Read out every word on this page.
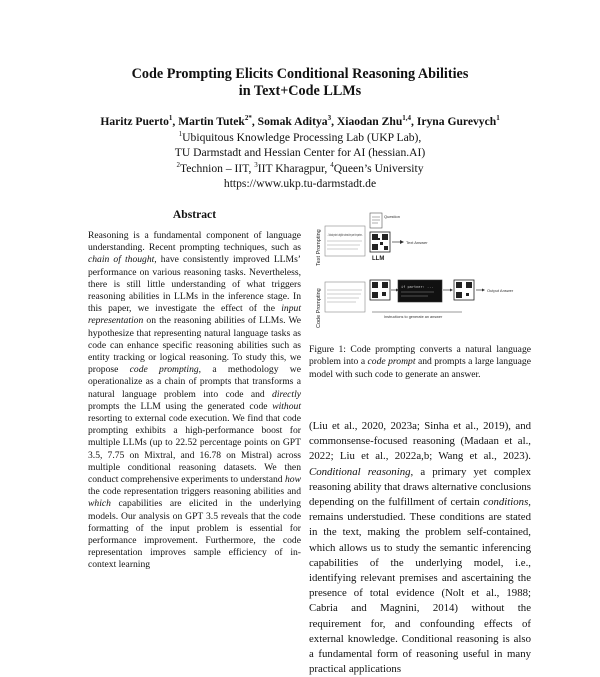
Code Prompting Elicits Conditional Reasoning Abilities
in Text+Code LLMs
Haritz Puerto$^1$, Martin Tutek$^{2*}$, Somak Aditya$^3$, Xiaodan Zhu$^{1,4}$, Iryna Gurevych$^1$
$^1$Ubiquitous Knowledge Processing Lab (UKP Lab),
TU Darmstadt and Hessian Center for AI (hessian.AI)
$^2$Technion – IIT, $^3$IIT Kharagpur, $^4$Queen’s University
https://www.ukp.tu-darmstadt.de
Abstract

Reasoning is a fundamental component of language understanding. Recent prompting techniques, such as chain of thought, have consistently improved LLMs’ performance on various reasoning tasks. Nevertheless, there is still little understanding of what triggers reasoning abilities in LLMs in the inference stage. In this paper, we investigate the effect of the input representation on the reasoning abilities of LLMs. We hypothesize that representing natural language tasks as code can enhance specific reasoning abilities such as entity tracking or logical reasoning. To study this, we propose code prompting, a methodology we operationalize as a chain of prompts that transforms a natural language problem into code and directly prompts the LLM using the generated code without resorting to external code execution. We find that code prompting exhibits a high-performance boost for multiple LLMs (up to 22.52 percentage points on GPT 3.5, 7.75 on Mixtral, and 16.78 on Mistral) across multiple conditional reasoning datasets. We then conduct comprehensive experiments to understand how the code representation triggers reasoning abilities and which capabilities are elicited in the underlying models. Our analysis on GPT 3.5 reveals that the code formatting of the input problem is essential for performance improvement. Furthermore, the code representation improves sample efficiency of in-context learning

Text Prompting
Code Prompting
... Nobody else is eligible unless they are the partner...
Question
LLM
Text Answer
if partner: ...
Output Answer
Instructions to generate an answer

Figure 1: Code prompting converts a natural language problem into a code prompt and prompts a large language model with such code to generate an answer.

(Liu et al., 2020, 2023a; Sinha et al., 2019), and commonsense-focused reasoning (Madaan et al., 2022; Liu et al., 2022a,b; Wang et al., 2023). Conditional reasoning, a primary yet complex reasoning ability that draws alternative conclusions depending on the fulfillment of certain conditions, remains understudied. These conditions are stated in the text, making the problem self-contained, which allows us to study the semantic inferencing capabilities of the underlying model, i.e., identifying relevant premises and ascertaining the presence of total evidence (Nolt et al., 1988; Cabria and Magnini, 2014) without the requirement for, and confounding effects of external knowledge. Conditional reasoning is also a fundamental form of reasoning useful in many practical applications
